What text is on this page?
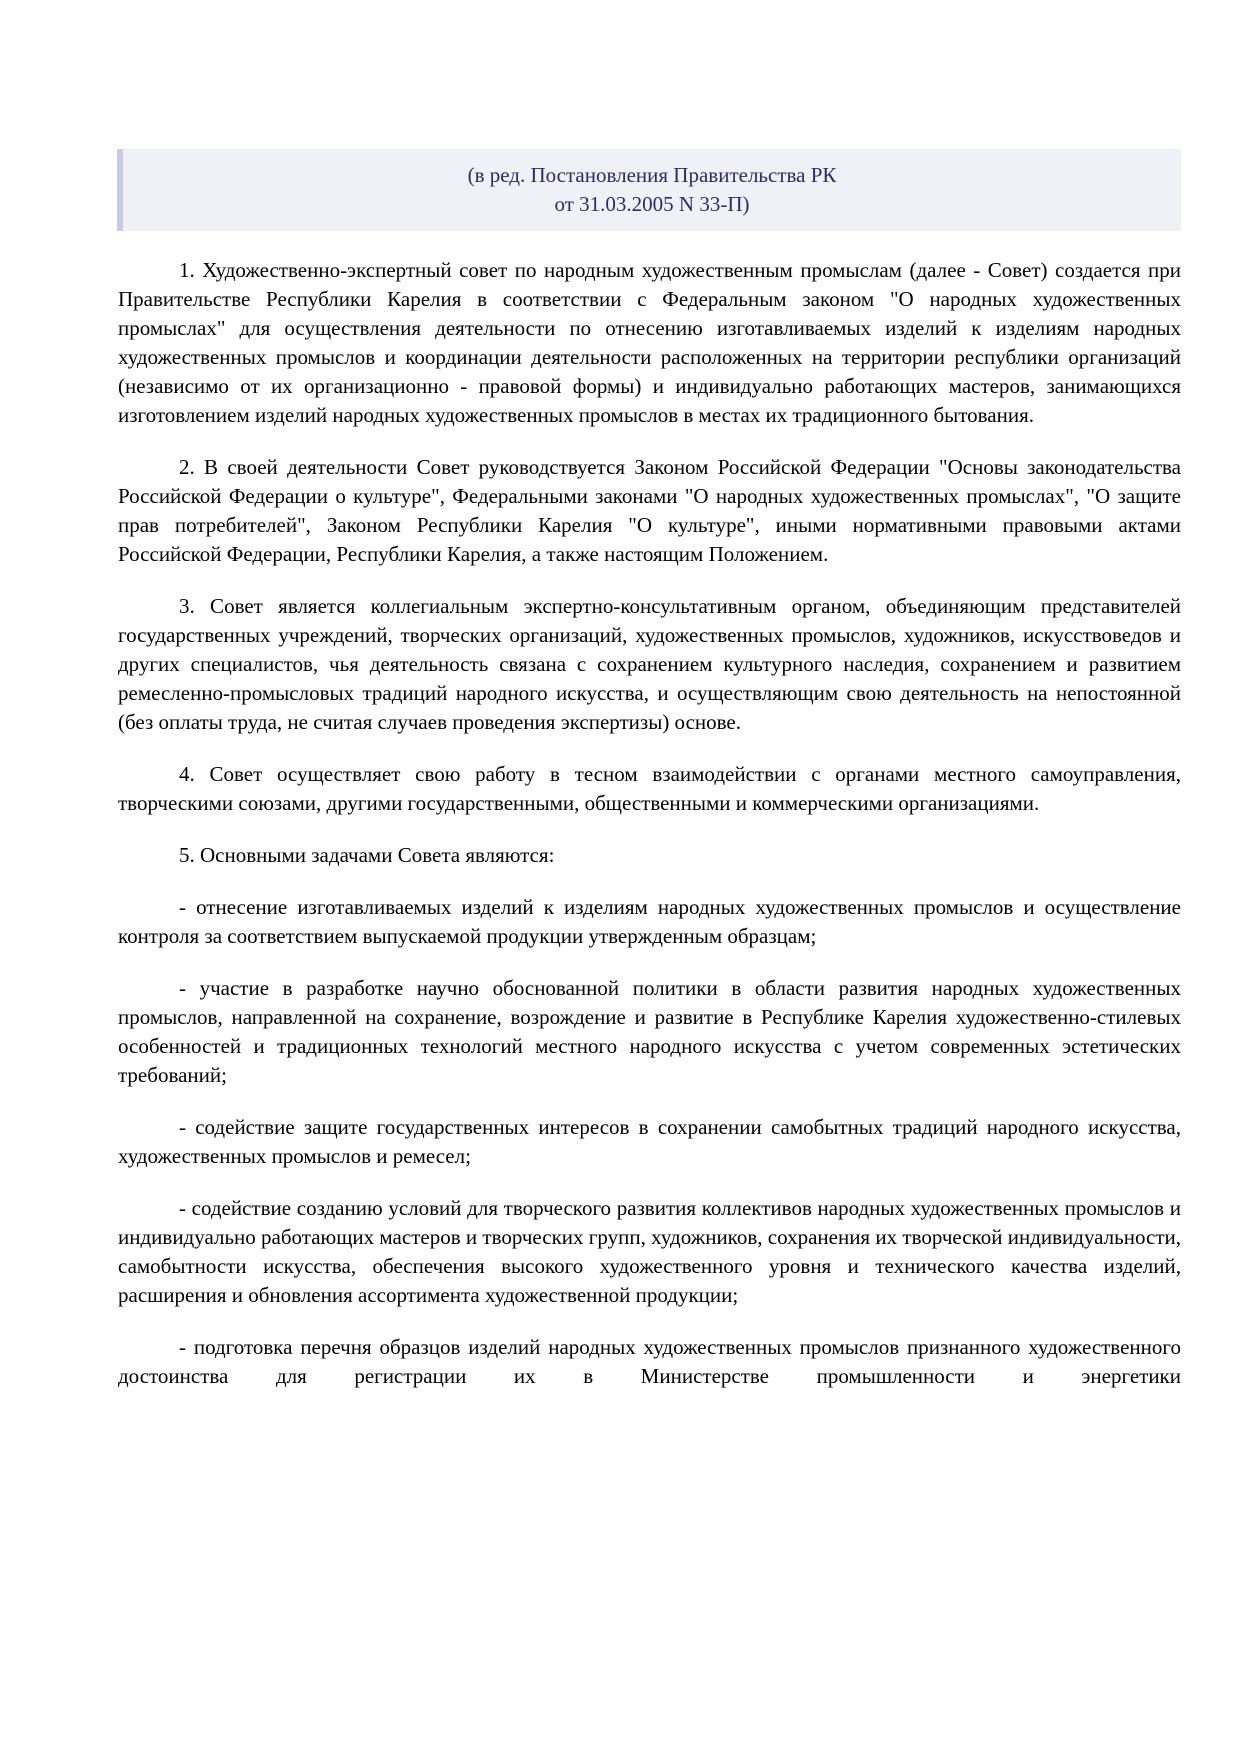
(в ред. Постановления Правительства РК
от 31.03.2005 N 33-П)

1. Художественно-экспертный совет по народным художественным промыслам (далее - Совет) создается при Правительстве Республики Карелия в соответствии с Федеральным законом "О народных художественных промыслах" для осуществления деятельности по отнесению изготавливаемых изделий к изделиям народных художественных промыслов и координации деятельности расположенных на территории республики организаций (независимо от их организационно - правовой формы) и индивидуально работающих мастеров, занимающихся изготовлением изделий народных художественных промыслов в местах их традиционного бытования.

2. В своей деятельности Совет руководствуется Законом Российской Федерации "Основы законодательства Российской Федерации о культуре", Федеральными законами "О народных художественных промыслах", "О защите прав потребителей", Законом Республики Карелия "О культуре", иными нормативными правовыми актами Российской Федерации, Республики Карелия, а также настоящим Положением.

3. Совет является коллегиальным экспертно-консультативным органом, объединяющим представителей государственных учреждений, творческих организаций, художественных промыслов, художников, искусствоведов и других специалистов, чья деятельность связана с сохранением культурного наследия, сохранением и развитием ремесленно-промысловых традиций народного искусства, и осуществляющим свою деятельность на непостоянной (без оплаты труда, не считая случаев проведения экспертизы) основе.

4. Совет осуществляет свою работу в тесном взаимодействии с органами местного самоуправления, творческими союзами, другими государственными, общественными и коммерческими организациями.

5. Основными задачами Совета являются:

- отнесение изготавливаемых изделий к изделиям народных художественных промыслов и осуществление контроля за соответствием выпускаемой продукции утвержденным образцам;

- участие в разработке научно обоснованной политики в области развития народных художественных промыслов, направленной на сохранение, возрождение и развитие в Республике Карелия художественно-стилевых особенностей и традиционных технологий местного народного искусства с учетом современных эстетических требований;

- содействие защите государственных интересов в сохранении самобытных традиций народного искусства, художественных промыслов и ремесел;

- содействие созданию условий для творческого развития коллективов народных художественных промыслов и индивидуально работающих мастеров и творческих групп, художников, сохранения их творческой индивидуальности, самобытности искусства, обеспечения высокого художественного уровня и технического качества изделий, расширения и обновления ассортимента художественной продукции;

- подготовка перечня образцов изделий народных художественных промыслов признанного художественного достоинства для регистрации их в Министерстве промышленности и энергетики
